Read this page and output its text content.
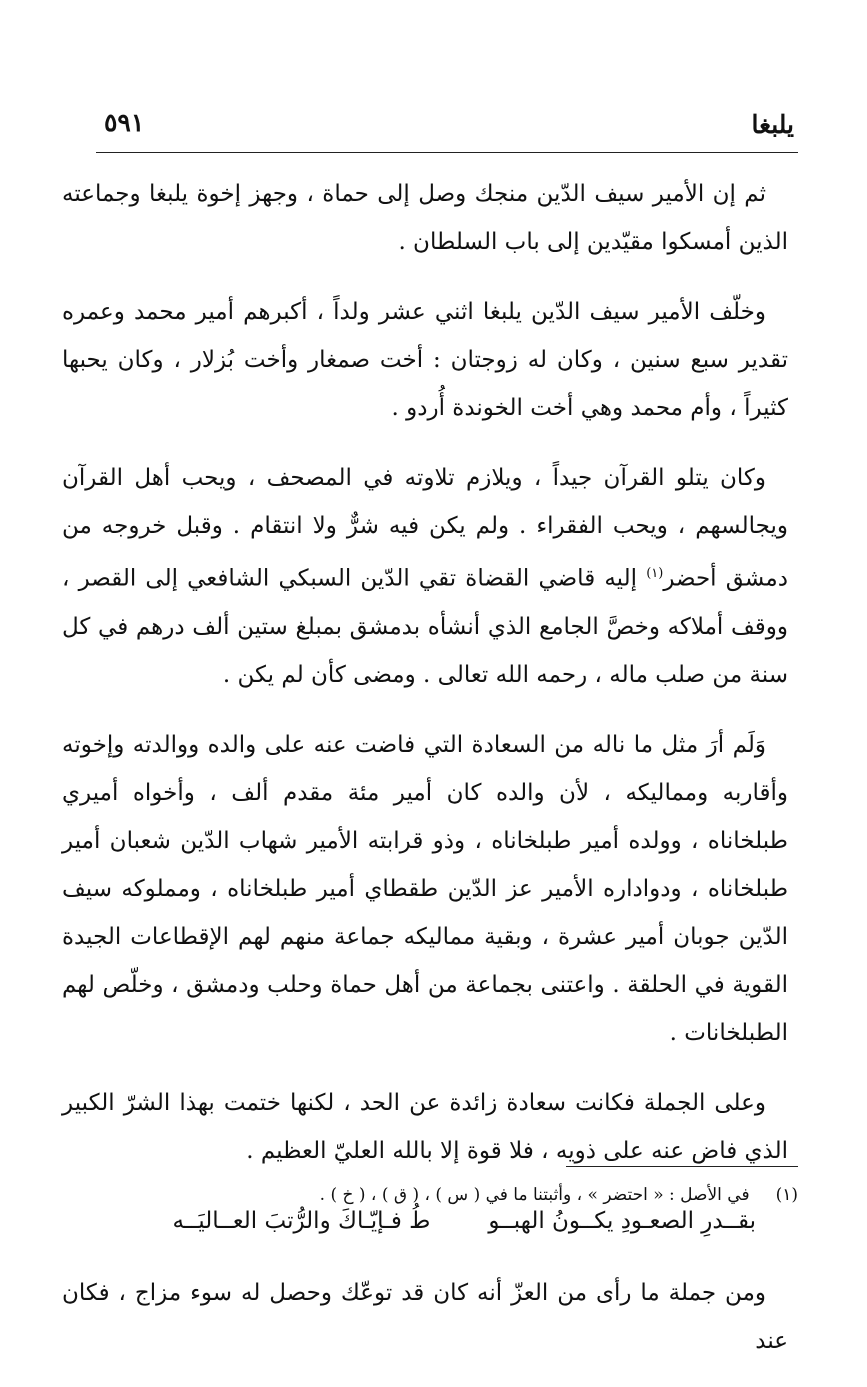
يلبغا
٥٩١

ثم إن الأمير سيف الدّين منجك وصل إلى حماة ، وجهز إخوة يلبغا وجماعته الذين أمسكوا مقيّدين إلى باب السلطان .

وخلّف الأمير سيف الدّين يلبغا اثني عشر ولداً ، أكبرهم أمير محمد وعمره تقدير سبع سنين ، وكان له زوجتان : أخت صمغار وأخت بُزلار ، وكان يحبها كثيراً ، وأم محمد وهي أخت الخوندة أُردو .

وكان يتلو القرآن جيداً ، ويلازم تلاوته في المصحف ، ويحب أهل القرآن ويجالسهم ، ويحب الفقراء . ولم يكن فيه شرٌّ ولا انتقام . وقبل خروجه من دمشق أحضر$^{(١)}$ إليه قاضي القضاة تقي الدّين السبكي الشافعي إلى القصر ، ووقف أملاكه وخصَّ الجامع الذي أنشأه بدمشق بمبلغ ستين ألف درهم في كل سنة من صلب ماله ، رحمه الله تعالى . ومضى كأن لم يكن .

وَلَم أرَ مثل ما ناله من السعادة التي فاضت عنه على والده ووالدته وإخوته وأقاربه ومماليكه ، لأن والده كان أمير مئة مقدم ألف ، وأخواه أميري طبلخاناه ، وولده أمير طبلخاناه ، وذو قرابته الأمير شهاب الدّين شعبان أمير طبلخاناه ، ودواداره الأمير عز الدّين طقطاي أمير طبلخاناه ، ومملوكه سيف الدّين جوبان أمير عشرة ، وبقية مماليكه جماعة منهم لهم الإقطاعات الجيدة القوية في الحلقة . واعتنى بجماعة من أهل حماة وحلب ودمشق ، وخلّص لهم الطبلخانات .

وعلى الجملة فكانت سعادة زائدة عن الحد ، لكنها ختمت بهذا الشرّ الكبير الذي فاض عنه على ذويه ، فلا قوة إلا بالله العليّ العظيم .

بقــدرِ الصعـودِ يكــونُ الهبــو
طُ فـإيّـاكَ والرُّتبَ العــاليَــه

ومن جملة ما رأى من العزّ أنه كان قد توعّك وحصل له سوء مزاج ، فكان عند

(١)
في الأصل : « احتضر » ، وأثبتنا ما في ( س ) ، ( ق ) ، ( خ ) .
